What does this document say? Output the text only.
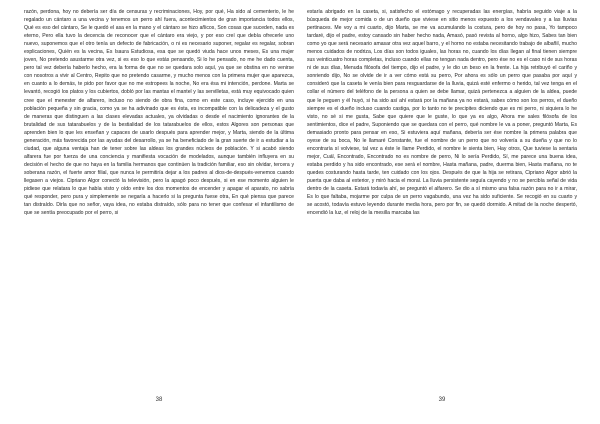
razón, perdona, hoy no debería ser día de censuras y recriminaciones, Hoy, por qué, Ha sido al cementerio, le he regalado un cántaro a una vecina y tenemos un perro ahí fuera, acontecimientos de gran importancia todos ellos, Qué es eso del cántaro, Se le quedó el asa en la mano y el cántaro se hizo añicos, Son cosas que suceden, nada es eterno, Pero ella tuvo la decencia de reconocer que el cántaro era viejo, y por eso creí que debía ofrecerle uno nuevo, suponemos que el otro tenía un defecto de fabricación, o ni es necesario suponer, regalar es regalar, sobran explicaciones, Quién es la vecina, Es Isaura Estudiosa, esa que se quedó viuda hace unos meses, Es una mujer joven, No pretendo asustarme otra vez, si es eso lo que estás pensando, Si lo he pensado, no me he dado cuenta, pero tal vez debería haberlo hecho, era la forma de que no se quedara solo aquí, ya que se obstina en no venirse con nosotros a vivir al Centro, Repito que no pretendo casarme, y mucho menos con la primera mujer que aparezca, en cuanto a lo demás, te pido por favor que no me estropees la noche, No era ésa mi intención, perdone. Marta se levantó, recogió los platos y los cubiertos, dobló por las mantas el mantel y las servilletas, está muy equivocado quien cree que el menester de alfarero, incluso no siendo de obra fina, como en este caso, incluye ejercido en una población pequeña y sin gracia, como ya se ha adivinado que es ésta, es incompatible con la delicadeza y el gusto de maneras que distinguen a las clases elevadas actuales, ya olvidadas o desde el nacimiento ignorantes de la brutalidad de sus tatarabuelos y de la bestialidad de los tatarabuelos de ellos, estos Algores son personas que aprenden bien lo que les enseñan y capaces de usarlo después para aprender mejor, y Marta, siendo de la última generación, más favorecida por las ayudas del desarrollo, ya se ha beneficiado de la gran suerte de ir a estudiar a la ciudad, que alguna ventaja han de tener sobre las aldeas los grandes núcleos de población. Y si acabó siendo alfarera fue por fuerza de una conciencia y manifiesta vocación de modelados, aunque también influyera en su decisión el hecho de que no haya en la familia hermanos que continúen la tradición familiar, eso sin olvidar, tercera y soberana razón, el fuerte amor filial, que nunca le permitiría dejar a los padres al dios-de-después-venemos cuando llegasen a viejos. Cipriano Algor conectó la televisión, pero la apagó poco después, si en ese momento alguien le pidiese que relatara lo que había visto y oído entre los dos momentos de encender y apagar el aparato, no sabría qué responder, pero pura y simplemente se negaría a hacerlo si la pregunta fuese otra, En qué piensa que parece tan distraído. Dirla que no señor, vaya idea, no estaba distraído, sólo para no tener que confesar el infantilismo de que se sentía preocupado por el perro, si

estaría abrigado en la caseta, si, satisfecho el estómago y recuperadas las energías, habría seguido viaje a la búsqueda de mejor comida o de un dueño que viviese en sitio menos expuesto a los vendavales y a las lluvias pertinaces. Me voy a mi cuarto, dijo Marta, se me va acumulando la costura, pero de hoy no pasa, Yo tampoco tardaré, dijo el padre, estoy cansado sin haber hecho nada, Amasó, pasó revista al horno, algo hizo, Sabes tan bien como yo que será necesario amasar otra vez aquel barro, y el horno no estaba necesitando trabajo de albañil, mucho menos cuidados de nodriza, Los días son todos iguales, las horas no, cuando los días llegan al final tienen siempre sus veinticuatro horas completas, incluso cuando ellas no tengan nada dentro, pero ése no es el caso ni de sus horas ni de sus días, Menuda filósofa del tiempo, dijo el padre, y le dio un beso en la frente. La hija retribuyó el cariño y sonriendo dijo, No se olvide de ir a ver cómo está su perro, Por ahora es sólo un perro que pasaba por aquí y consideró que la caseta le venía bien para resguardarse de la lluvia, quizá esté enfermo o herido, tal vez tenga en el collar el número del teléfono de la persona a quien se debe llamar, quizá pertenezca a alguien de la aldea, puede que le peguen y él huyó, si ha sido así ahí estará por la mañana ya no estará, sabes cómo son los perros, el dueño siempre es el dueño incluso cuando castiga, por lo tanto no te precipites diciendo que es mi perro, ni siquiera lo he visto, no sé si me gusta, Sabe que quiere que le guste, lo que ya es algo, Ahora me sales filósofa de los sentimientos, dice el padre, Suponiendo que se quedara con el perro, qué nombre le va a poner, preguntó Marta, Es demasiado pronto para pensar en eso, Si estuviera aquí mañana, debería ser ése nombre la primera palabra que oyese de su boca, No le llamaré Constante, fue el nombre de un perro que no volvería a su dueña y que no lo encontraría sí volviese, tal vez a éste le llame Perdido, el nombre le sienta bien, Hay otros, Que tuviese la sentaria mejor, Cuál, Encontrado, Encontrado no es nombre de perro, Ni lo sería Perdido, Sí, me parece una buena idea, estaba perdido y ha sido encontrado, ese será el nombre, Hasta mañana, padre, duerma bien, Hasta mañana, no te quedes costurando hasta tarde, ten cuidado con los ojos. Después de que la hija se retirara, Cipriano Algor abrió la puerta que daba al exterior, y miró hacia el moral. La lluvia persistente seguía cayendo y no se percibía señal de vida dentro de la caseta. Estará todavía ahí, se preguntó el alfarero. Se dio a sí mismo una falsa razón para no ir a mirar, Es lo que faltaba, mojarme por culpa de un perro vagabundo, una vez ha sido suficiente. Se recogió en su cuarto y se acostó, todavía estuvo leyendo durante media hora, pero por fin, se quedó dormido. A mitad de la noche despertó, encendió la luz, el reloj de la mesilla marcaba las

38	39
